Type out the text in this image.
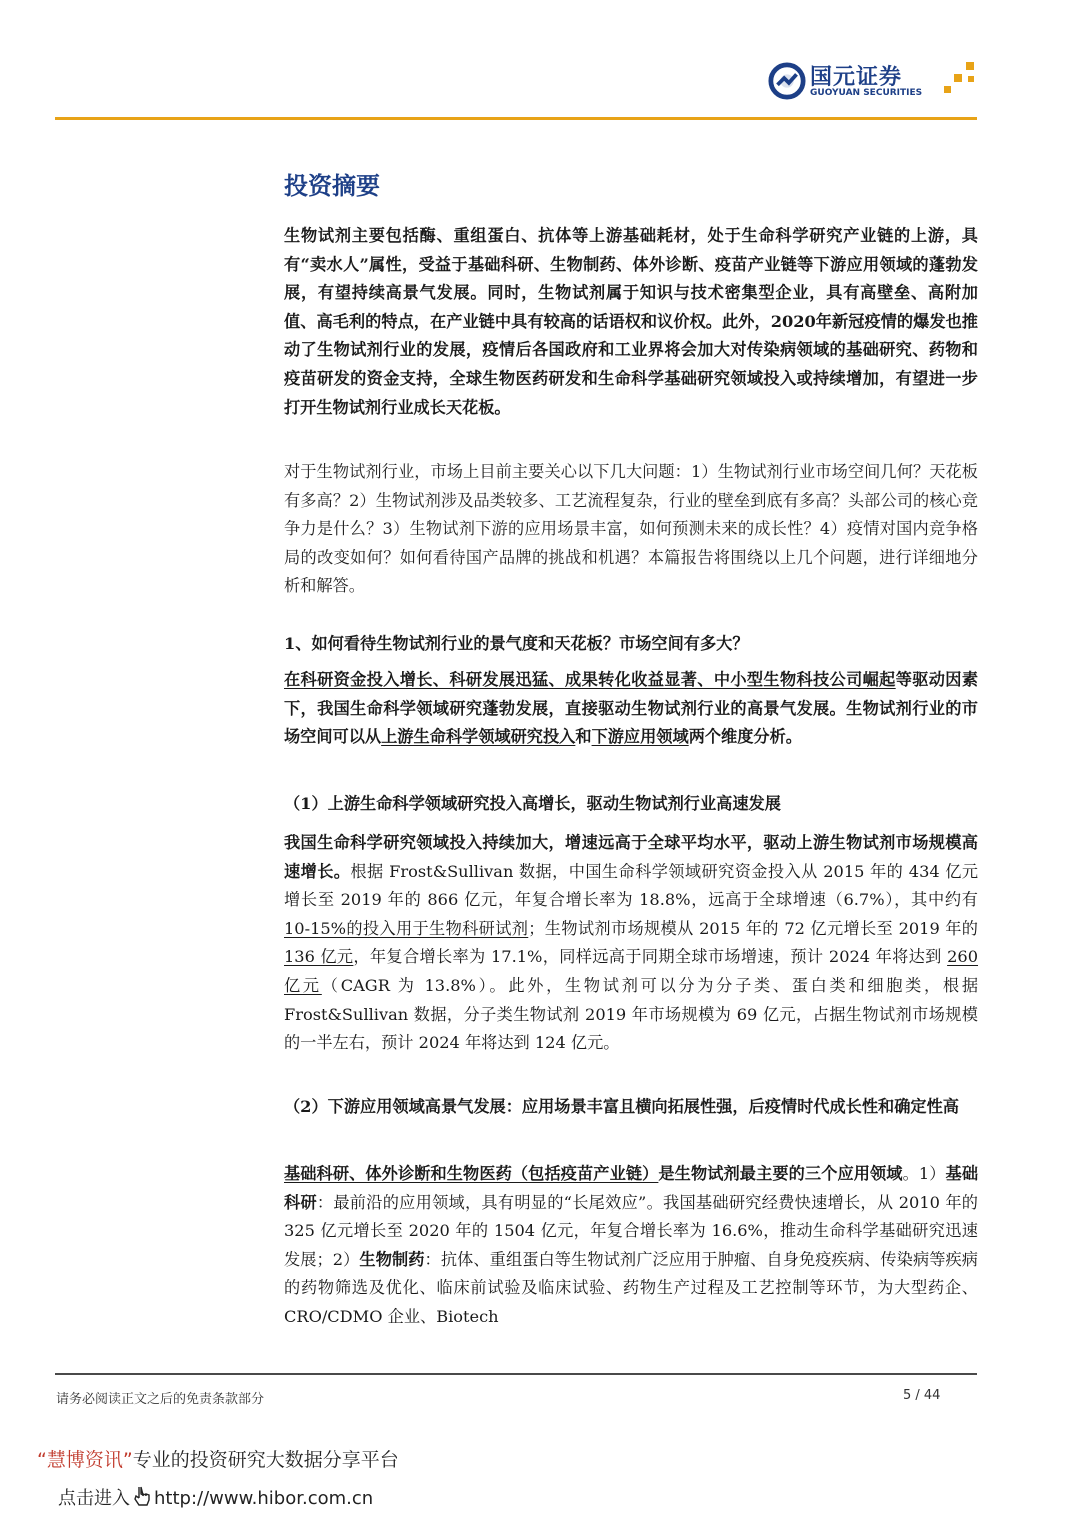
国元证券
GUOYUAN SECURITIES
投资摘要
生物试剂主要包括酶、重组蛋白、抗体等上游基础耗材，处于生命科学研究产业链的上游，具有“卖水人”属性，受益于基础科研、生物制药、体外诊断、疫苗产业链等下游应用领域的蓬勃发展，有望持续高景气发展。同时，生物试剂属于知识与技术密集型企业，具有高壁垒、高附加值、高毛利的特点，在产业链中具有较高的话语权和议价权。此外，2020年新冠疫情的爆发也推动了生物试剂行业的发展，疫情后各国政府和工业界将会加大对传染病领域的基础研究、药物和疫苗研发的资金支持，全球生物医药研发和生命科学基础研究领域投入或持续增加，有望进一步打开生物试剂行业成长天花板。
对于生物试剂行业，市场上目前主要关心以下几大问题：1）生物试剂行业市场空间几何？天花板有多高？2）生物试剂涉及品类较多、工艺流程复杂，行业的壁垒到底有多高？头部公司的核心竞争力是什么？3）生物试剂下游的应用场景丰富，如何预测未来的成长性？4）疫情对国内竞争格局的改变如何？如何看待国产品牌的挑战和机遇？本篇报告将围绕以上几个问题，进行详细地分析和解答。
1、如何看待生物试剂行业的景气度和天花板？市场空间有多大？
在科研资金投入增长、科研发展迅猛、成果转化收益显著、中小型生物科技公司崛起等驱动因素下，我国生命科学领域研究蓬勃发展，直接驱动生物试剂行业的高景气发展。生物试剂行业的市场空间可以从上游生命科学领域研究投入和下游应用领域两个维度分析。
（1）上游生命科学领域研究投入高增长，驱动生物试剂行业高速发展
我国生命科学研究领域投入持续加大，增速远高于全球平均水平，驱动上游生物试剂市场规模高速增长。根据 Frost&Sullivan 数据，中国生命科学领域研究资金投入从 2015 年的 434 亿元增长至 2019 年的 866 亿元，年复合增长率为 18.8%，远高于全球增速（6.7%），其中约有 10-15%的投入用于生物科研试剂；生物试剂市场规模从 2015 年的 72 亿元增长至 2019 年的 136 亿元，年复合增长率为 17.1%，同样远高于同期全球市场增速，预计 2024 年将达到 260 亿元（CAGR 为 13.8%）。此外，生物试剂可以分为分子类、蛋白类和细胞类，根据 Frost&Sullivan 数据，分子类生物试剂 2019 年市场规模为 69 亿元，占据生物试剂市场规模的一半左右，预计 2024 年将达到 124 亿元。
（2）下游应用领域高景气发展：应用场景丰富且横向拓展性强，后疫情时代成长性和确定性高
基础科研、体外诊断和生物医药（包括疫苗产业链）是生物试剂最主要的三个应用领域。1）基础科研：最前沿的应用领域，具有明显的“长尾效应”。我国基础研究经费快速增长，从 2010 年的 325 亿元增长至 2020 年的 1504 亿元，年复合增长率为 16.6%，推动生命科学基础研究迅速发展；2）生物制药：抗体、重组蛋白等生物试剂广泛应用于肿瘤、自身免疫疾病、传染病等疾病的药物筛选及优化、临床前试验及临床试验、药物生产过程及工艺控制等环节，为大型药企、CRO/CDMO 企业、Biotech
请务必阅读正文之后的免责条款部分	5 / 44
“慧博资讯”专业的投资研究大数据分享平台
点击进入 http://www.hibor.com.cn
